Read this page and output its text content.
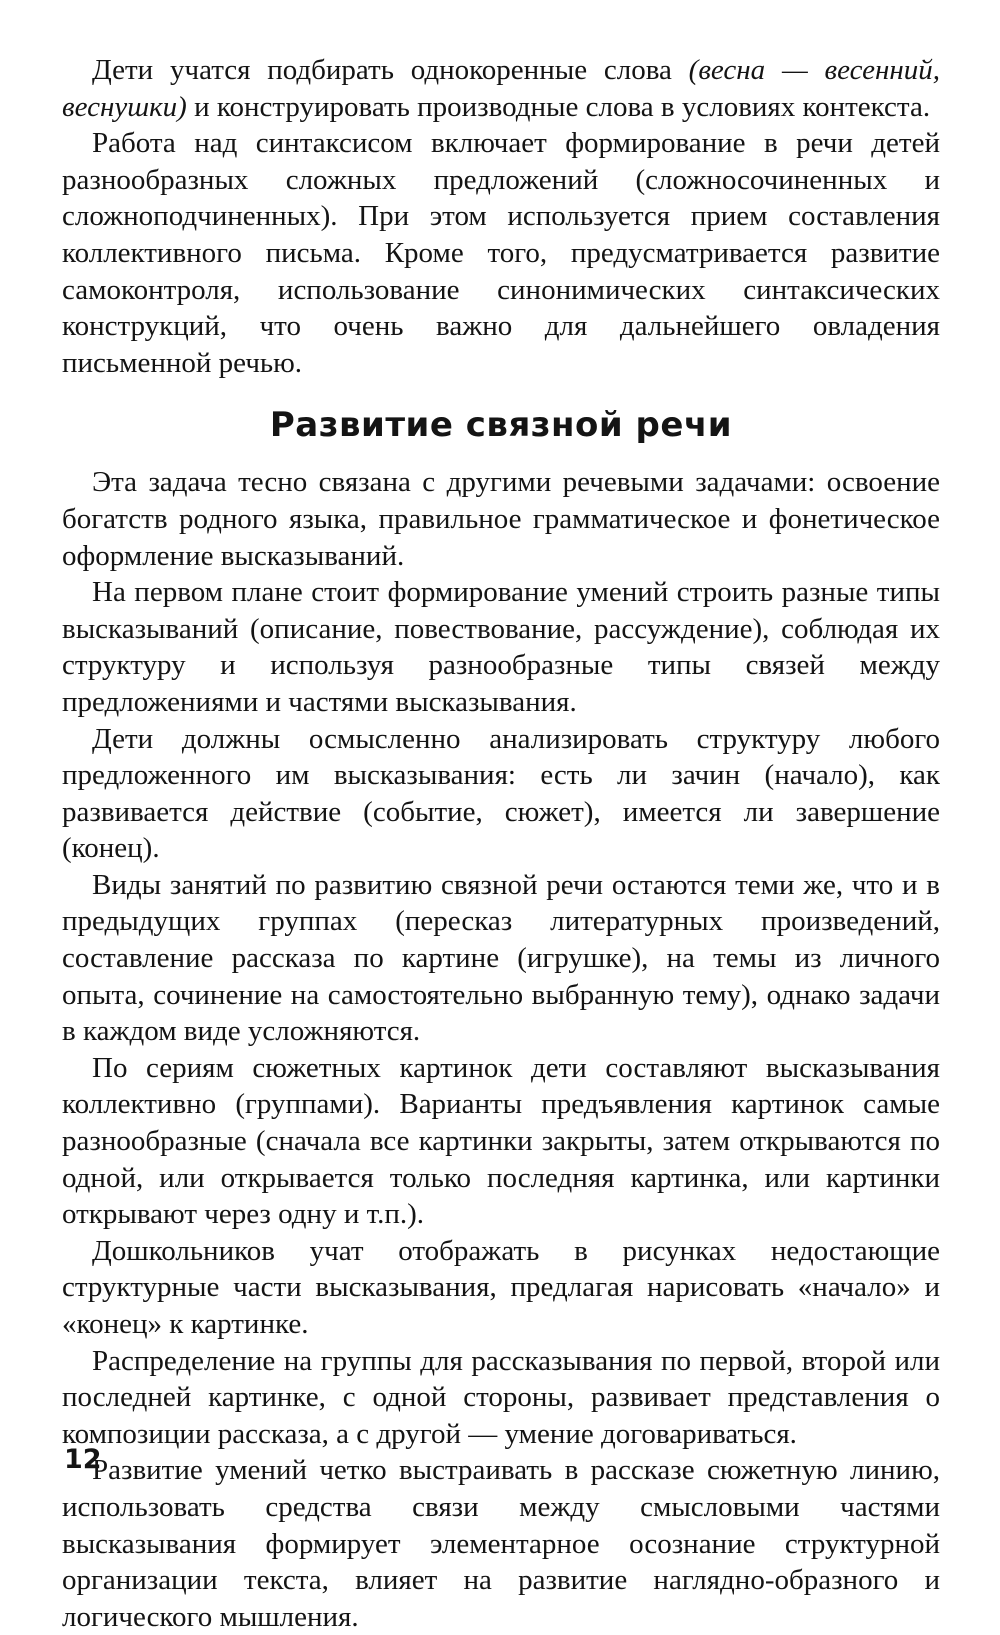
Дети учатся подбирать однокоренные слова (весна — весенний, веснушки) и конструировать производные слова в условиях контекста.

Работа над синтаксисом включает формирование в речи детей разнообразных сложных предложений (сложносочиненных и сложноподчиненных). При этом используется прием составления коллективного письма. Кроме того, предусматривается развитие самоконтроля, использование синонимических синтаксических конструкций, что очень важно для дальнейшего овладения письменной речью.

Развитие связной речи

Эта задача тесно связана с другими речевыми задачами: освоение богатств родного языка, правильное грамматическое и фонетическое оформление высказываний.

На первом плане стоит формирование умений строить разные типы высказываний (описание, повествование, рассуждение), соблюдая их структуру и используя разнообразные типы связей между предложениями и частями высказывания.

Дети должны осмысленно анализировать структуру любого предложенного им высказывания: есть ли зачин (начало), как развивается действие (событие, сюжет), имеется ли завершение (конец).

Виды занятий по развитию связной речи остаются теми же, что и в предыдущих группах (пересказ литературных произведений, составление рассказа по картине (игрушке), на темы из личного опыта, сочинение на самостоятельно выбранную тему), однако задачи в каждом виде усложняются.

По сериям сюжетных картинок дети составляют высказывания коллективно (группами). Варианты предъявления картинок самые разнообразные (сначала все картинки закрыты, затем открываются по одной, или открывается только последняя картинка, или картинки открывают через одну и т.п.).

Дошкольников учат отображать в рисунках недостающие структурные части высказывания, предлагая нарисовать «начало» и «конец» к картинке.

Распределение на группы для рассказывания по первой, второй или последней картинке, с одной стороны, развивает представления о композиции рассказа, а с другой — умение договариваться.

Развитие умений четко выстраивать в рассказе сюжетную линию, использовать средства связи между смысловыми частями высказывания формирует элементарное осознание структурной организации текста, влияет на развитие наглядно-образного и логического мышления.

12
